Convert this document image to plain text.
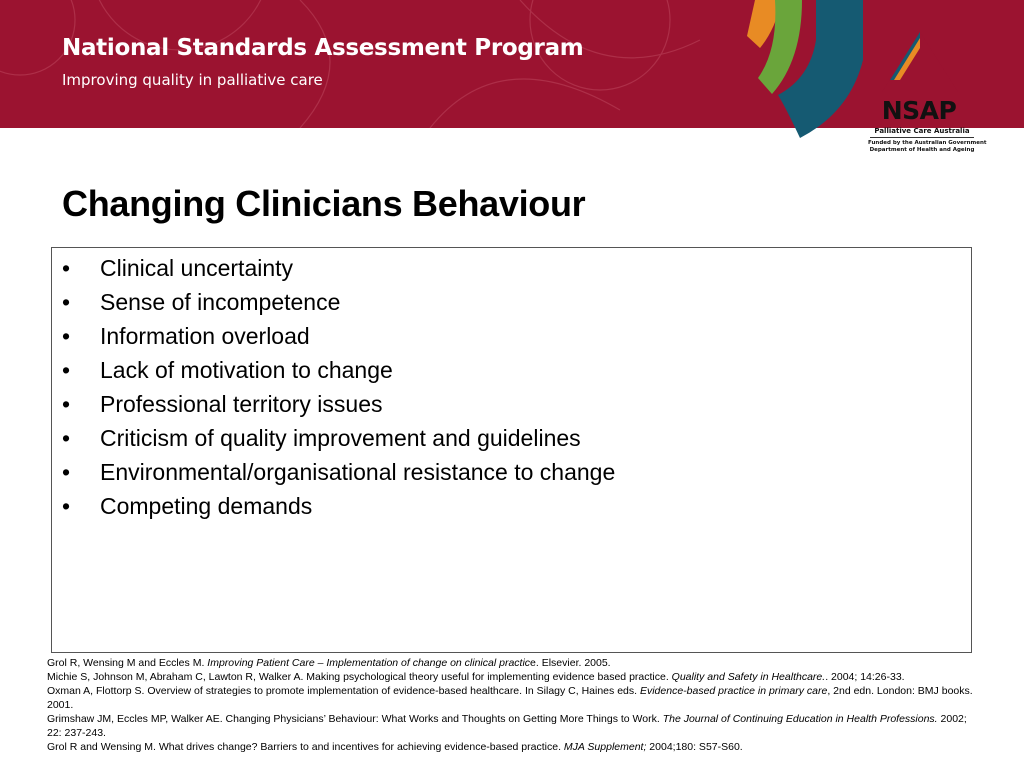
National Standards Assessment Program
Improving quality in palliative care
NSAP
Palliative Care Australia
Funded by the Australian Government
Department of Health and Ageing
Changing Clinicians Behaviour
• Clinical uncertainty
• Sense of incompetence
• Information overload
• Lack of motivation to change
• Professional territory issues
• Criticism of quality improvement and guidelines
• Environmental/organisational resistance to change
• Competing demands

Grol R, Wensing M and Eccles M. Improving Patient Care – Implementation of change on clinical practice. Elsevier. 2005.

Michie S, Johnson M, Abraham C, Lawton R, Walker A. Making psychological theory useful for implementing evidence based practice. Quality and Safety in Healthcare.. 2004; 14:26-33.

Oxman A, Flottorp S. Overview of strategies to promote implementation of evidence-based healthcare. In Silagy C, Haines eds. Evidence-based practice in primary care, 2nd edn. London: BMJ books. 2001.

Grimshaw JM, Eccles MP, Walker AE. Changing Physicians’ Behaviour: What Works and Thoughts on Getting More Things to Work. The Journal of Continuing Education in Health Professions. 2002; 22: 237-243.

Grol R and Wensing M. What drives change? Barriers to and incentives for achieving evidence-based practice. MJA Supplement; 2004;180: S57-S60.
